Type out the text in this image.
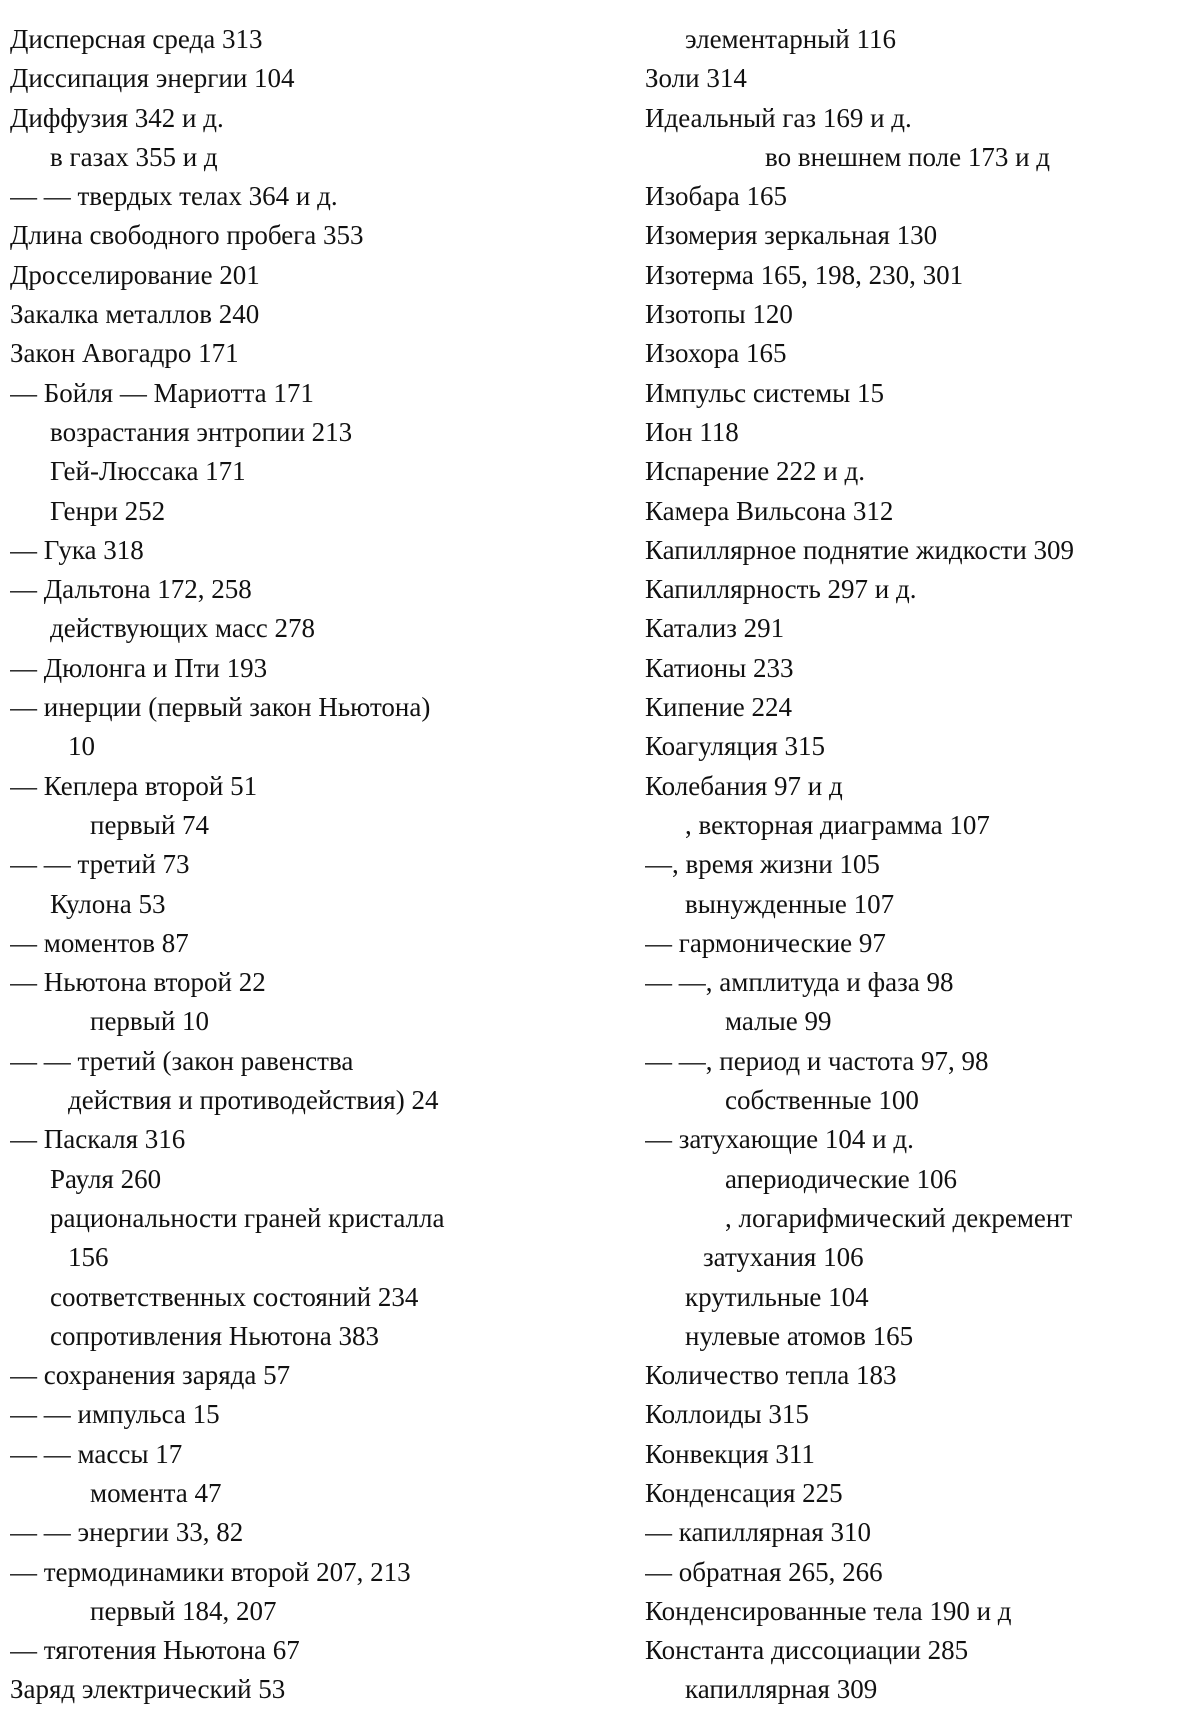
Дисперсная среда 313
Диссипация энергии 104
Диффузия 342 и д.
в газах 355 и д
— — твердых телах 364 и д.
Длина свободного пробега 353
Дросселирование 201
Закалка металлов 240
Закон Авогадро 171
— Бойля — Мариотта 171
возрастания энтропии 213
Гей-Люссака 171
Генри 252
— Гука 318
— Дальтона 172, 258
действующих масс 278
— Дюлонга и Пти 193
— инерции (первый закон Ньютона)
10
— Кеплера второй 51
первый 74
— — третий 73
Кулона 53
— моментов 87
— Ньютона второй 22
первый 10
— — третий (закон равенства
действия и противодействия) 24
— Паскаля 316
Рауля 260
рациональности граней кристалла
156
соответственных состояний 234
сопротивления Ньютона 383
— сохранения заряда 57
— — импульса 15
— — массы 17
момента 47
— — энергии 33, 82
— термодинамики второй 207, 213
первый 184, 207
— тяготения Ньютона 67
Заряд электрический 53
элементарный 116
Золи 314
Идеальный газ 169 и д.
во внешнем поле 173 и д
Изобара 165
Изомерия зеркальная 130
Изотерма 165, 198, 230, 301
Изотопы 120
Изохора 165
Импульс системы 15
Ион 118
Испарение 222 и д.
Камера Вильсона 312
Капиллярное поднятие жидкости 309
Капиллярность 297 и д.
Катализ 291
Катионы 233
Кипение 224
Коагуляция 315
Колебания 97 и д
, векторная диаграмма 107
—, время жизни 105
вынужденные 107
— гармонические 97
— —, амплитуда и фаза 98
малые 99
— —, период и частота 97, 98
собственные 100
— затухающие 104 и д.
апериодические 106
, логарифмический декремент
затухания 106
крутильные 104
нулевые атомов 165
Количество тепла 183
Коллоиды 315
Конвекция 311
Конденсация 225
— капиллярная 310
— обратная 265, 266
Конденсированные тела 190 и д
Константа диссоциации 285
капиллярная 309
